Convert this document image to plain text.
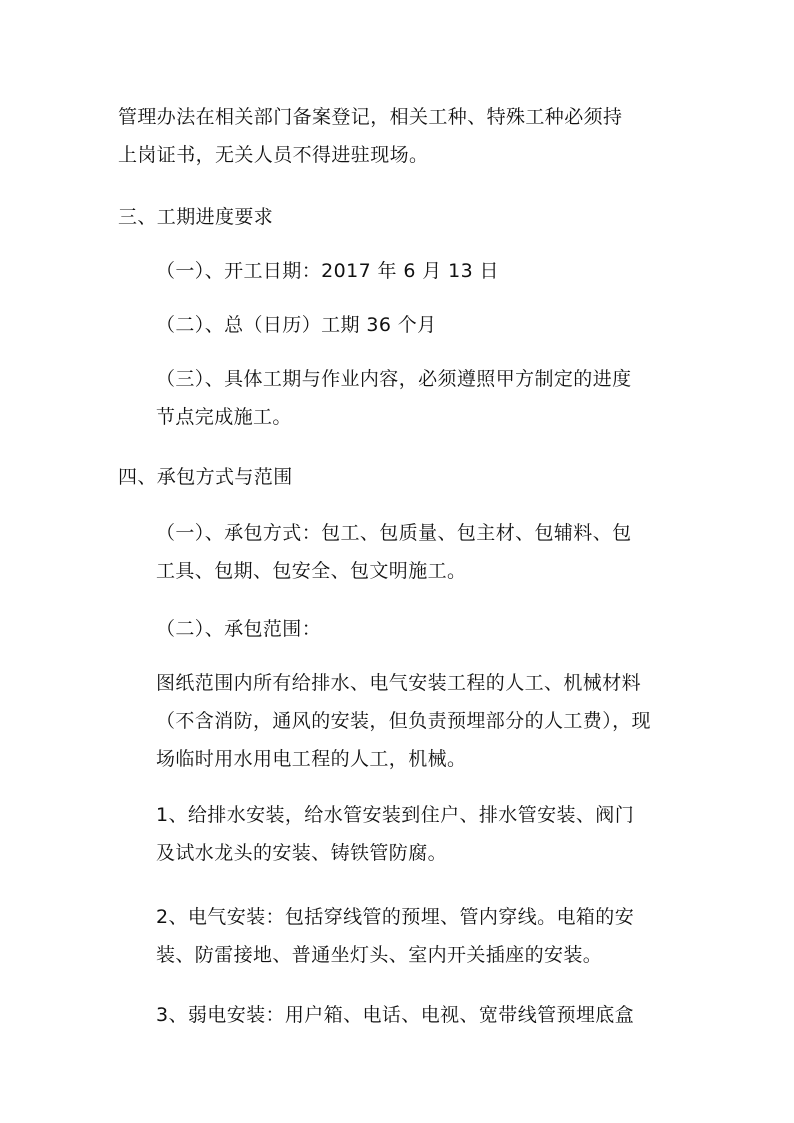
管理办法在相关部门备案登记，相关工种、特殊工种必须持
上岗证书，无关人员不得进驻现场。
三、工期进度要求
（一）、开工日期：2017 年 6 月 13 日
（二）、总（日历）工期 36 个月
（三）、具体工期与作业内容，必须遵照甲方制定的进度
节点完成施工。
四、承包方式与范围
（一）、承包方式：包工、包质量、包主材、包辅料、包
工具、包期、包安全、包文明施工。
（二）、承包范围：
图纸范围内所有给排水、电气安装工程的人工、机械材料
（不含消防，通风的安装，但负责预埋部分的人工费），现
场临时用水用电工程的人工，机械。
1、给排水安装，给水管安装到住户、排水管安装、阀门
及试水龙头的安装、铸铁管防腐。
2、电气安装：包括穿线管的预埋、管内穿线。电箱的安
装、防雷接地、普通坐灯头、室内开关插座的安装。
3、弱电安装：用户箱、电话、电视、宽带线管预埋底盒
